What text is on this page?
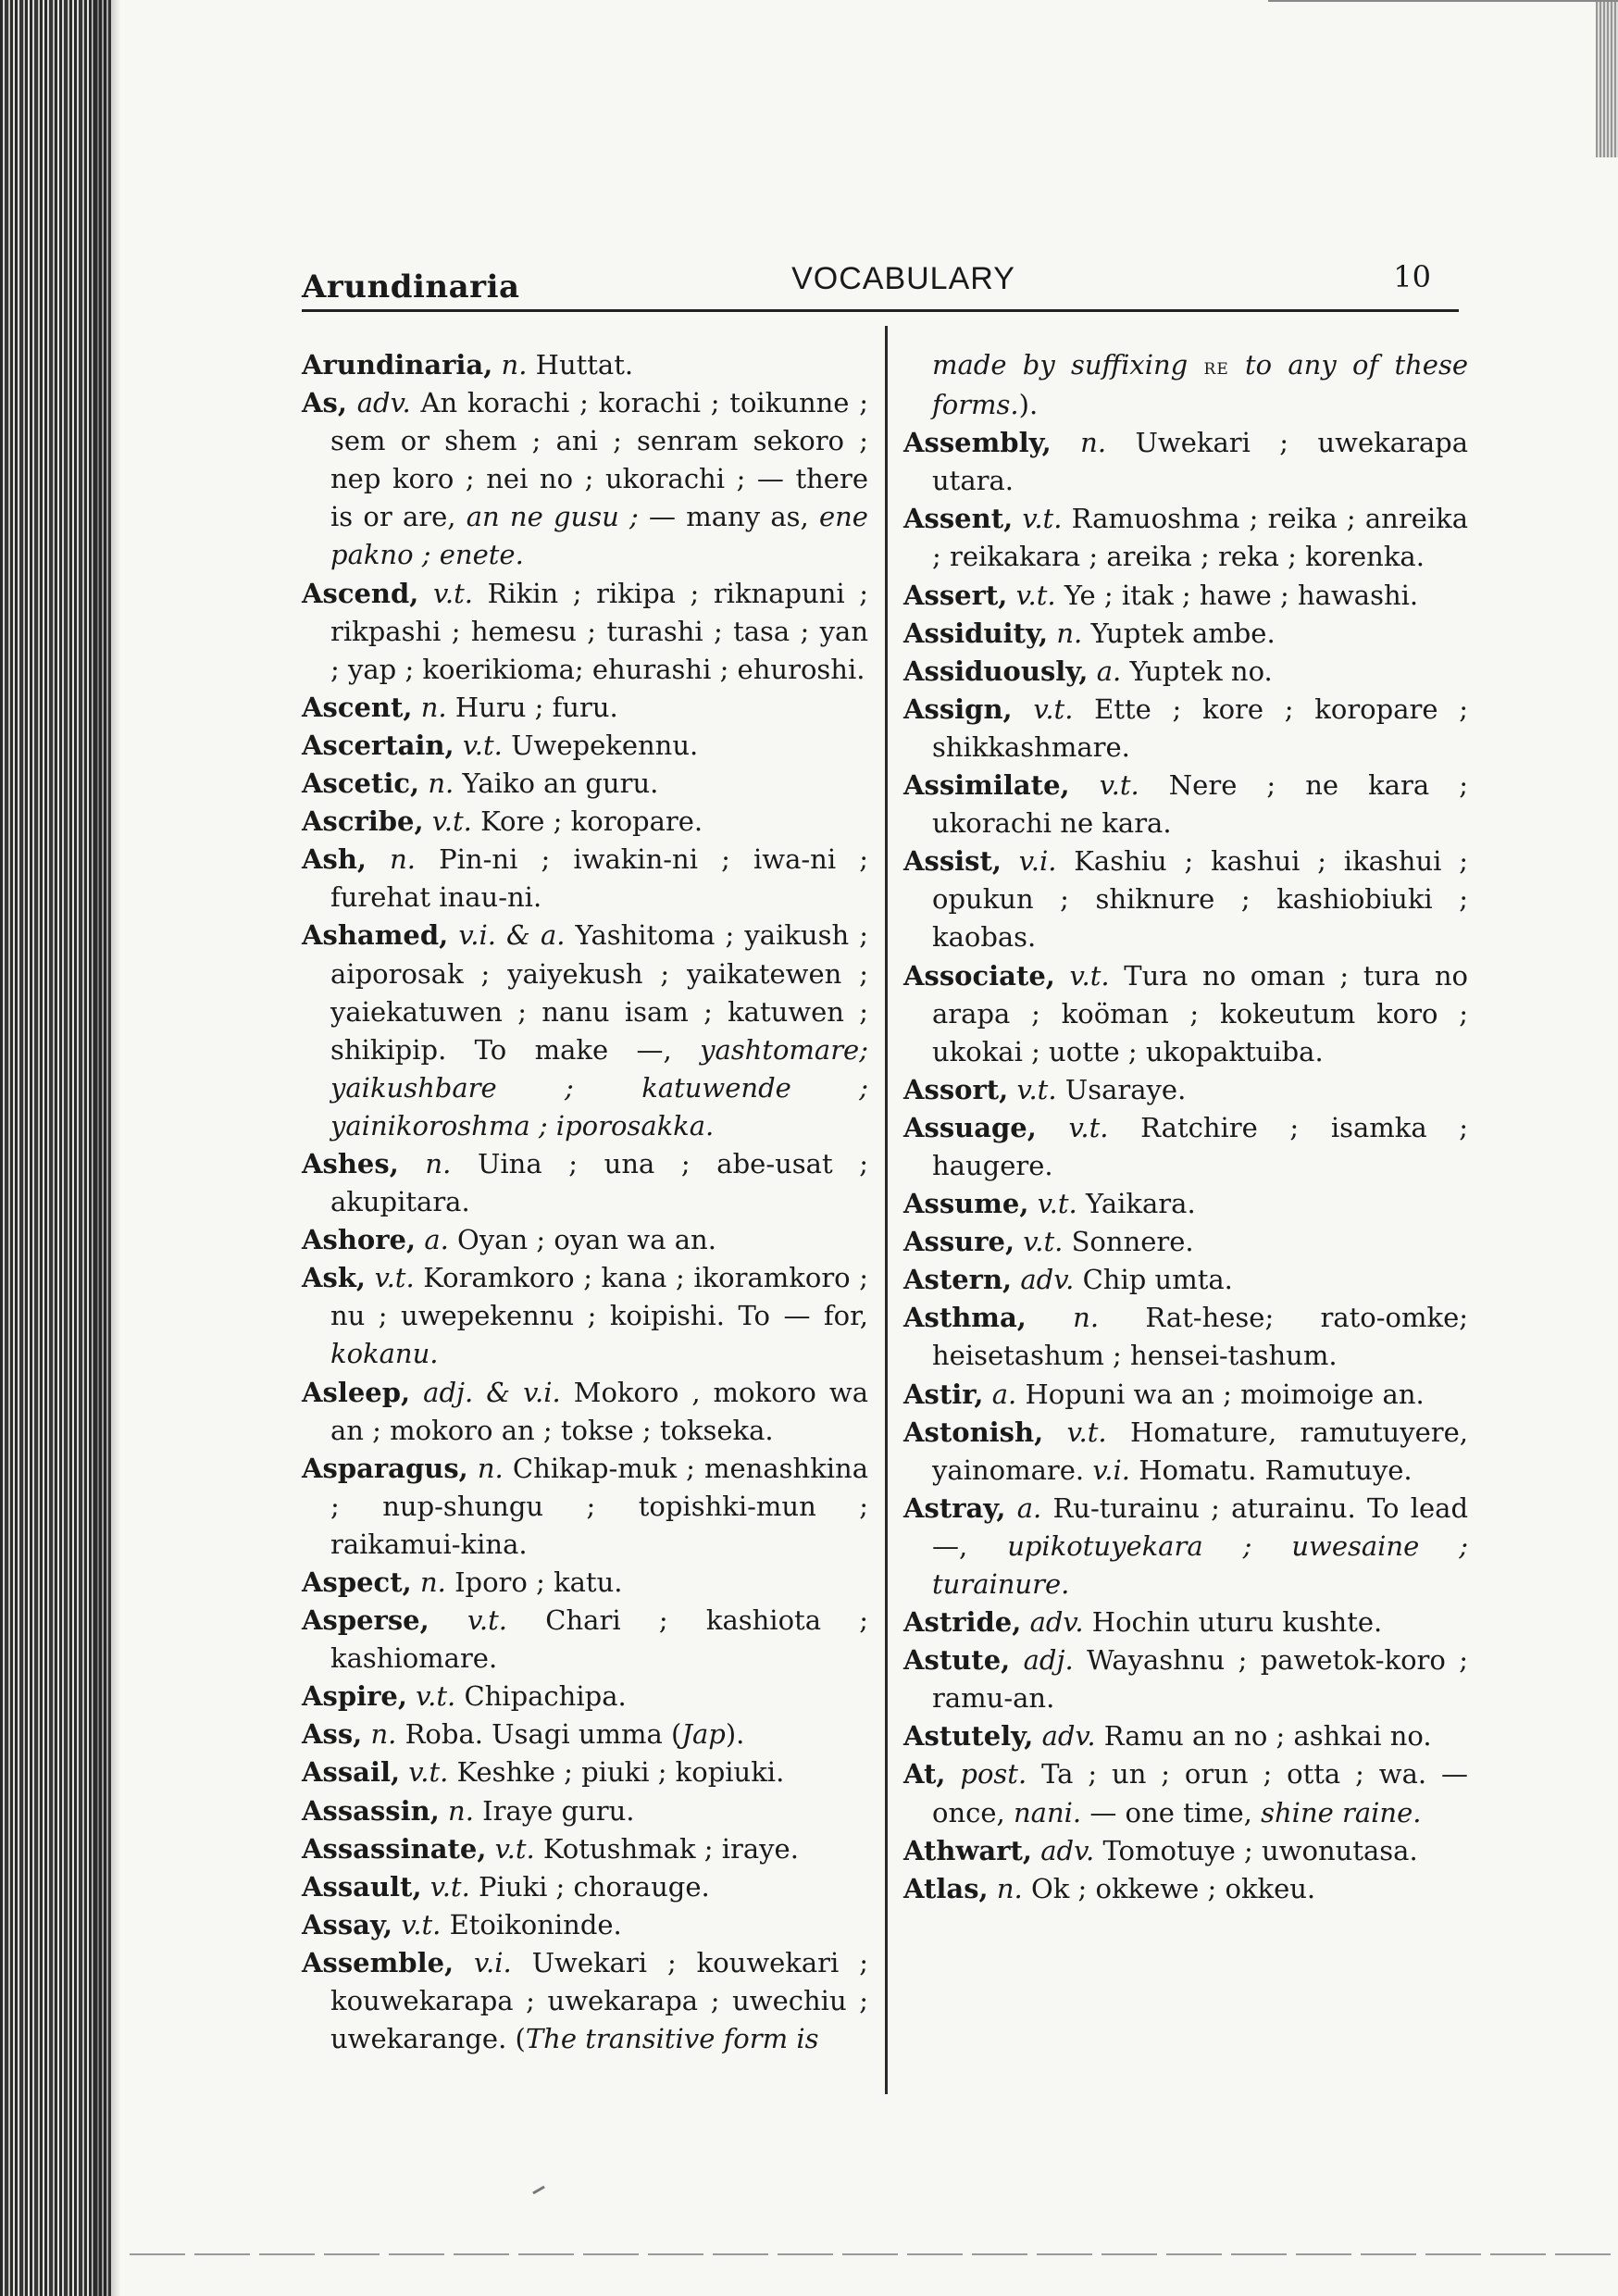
Arundinaria	VOCABULARY	10
Arundinaria, n. Huttat.
As, adv. An korachi ; korachi ; toikunne ; sem or shem ; ani ; senram sekoro ; nep koro ; nei no ; ukorachi ; — there is or are, an ne gusu ; — many as, ene pakno ; enete.
Ascend, v.t. Rikin ; rikipa ; riknapuni ; rikpashi ; hemesu ; turashi ; tasa ; yan ; yap ; koerikioma; ehurashi ; ehuroshi.
Ascent, n. Huru ; furu.
Ascertain, v.t. Uwepekennu.
Ascetic, n. Yaiko an guru.
Ascribe, v.t. Kore ; koropare.
Ash, n. Pin-ni ; iwakin-ni ; iwa-ni ; furehat inau-ni.
Ashamed, v.i. & a. Yashitoma ; yaikush ; aiporosak ; yaiyekush ; yaikatewen ; yaiekatuwen ; nanu isam ; katuwen ; shikipip. To make —, yashtomare; yaikushbare ; katuwende ; yainikoroshma ; iporosakka.
Ashes, n. Uina ; una ; abe-usat ; akupitara.
Ashore, a. Oyan ; oyan wa an.
Ask, v.t. Koramkoro ; kana ; ikoramkoro ; nu ; uwepekennu ; koipishi. To — for, kokanu.
Asleep, adj. & v.i. Mokoro , mokoro wa an ; mokoro an ; tokse ; tokseka.
Asparagus, n. Chikap-muk ; menashkina ; nup-shungu ; topishki-mun ; raikamui-kina.
Aspect, n. Iporo ; katu.
Asperse, v.t. Chari ; kashiota ; kashiomare.
Aspire, v.t. Chipachipa.
Ass, n. Roba. Usagi umma (Jap).
Assail, v.t. Keshke ; piuki ; kopiuki.
Assassin, n. Iraye guru.
Assassinate, v.t. Kotushmak ; iraye.
Assault, v.t. Piuki ; chorauge.
Assay, v.t. Etoikoninde.
Assemble, v.i. Uwekari ; kouwekari ; kouwekarapa ; uwekarapa ; uwechiu ; uwekarange. (The transitive form is
made by suffixing re to any of these forms.).
Assembly, n. Uwekari ; uwekarapa utara.
Assent, v.t. Ramuoshma ; reika ; anreika ; reikakara ; areika ; reka ; korenka.
Assert, v.t. Ye ; itak ; hawe ; hawashi.
Assiduity, n. Yuptek ambe.
Assiduously, a. Yuptek no.
Assign, v.t. Ette ; kore ; koropare ; shikkashmare.
Assimilate, v.t. Nere ; ne kara ; ukorachi ne kara.
Assist, v.i. Kashiu ; kashui ; ikashui ; opukun ; shiknure ; kashiobiuki ; kaobas.
Associate, v.t. Tura no oman ; tura no arapa ; koöman ; kokeutum koro ; ukokai ; uotte ; ukopaktuiba.
Assort, v.t. Usaraye.
Assuage, v.t. Ratchire ; isamka ; haugere.
Assume, v.t. Yaikara.
Assure, v.t. Sonnere.
Astern, adv. Chip umta.
Asthma, n. Rat-hese; rato-omke; heisetashum ; hensei-tashum.
Astir, a. Hopuni wa an ; moimoige an.
Astonish, v.t. Homature, ramutuyere, yainomare. v.i. Homatu. Ramutuye.
Astray, a. Ru-turainu ; aturainu. To lead —, upikotuyekara ; uwesaine ; turainure.
Astride, adv. Hochin uturu kushte.
Astute, adj. Wayashnu ; pawetok-koro ; ramu-an.
Astutely, adv. Ramu an no ; ashkai no.
At, post. Ta ; un ; orun ; otta ; wa. — once, nani. — one time, shine raine.
Athwart, adv. Tomotuye ; uwonutasa.
Atlas, n. Ok ; okkewe ; okkeu.
